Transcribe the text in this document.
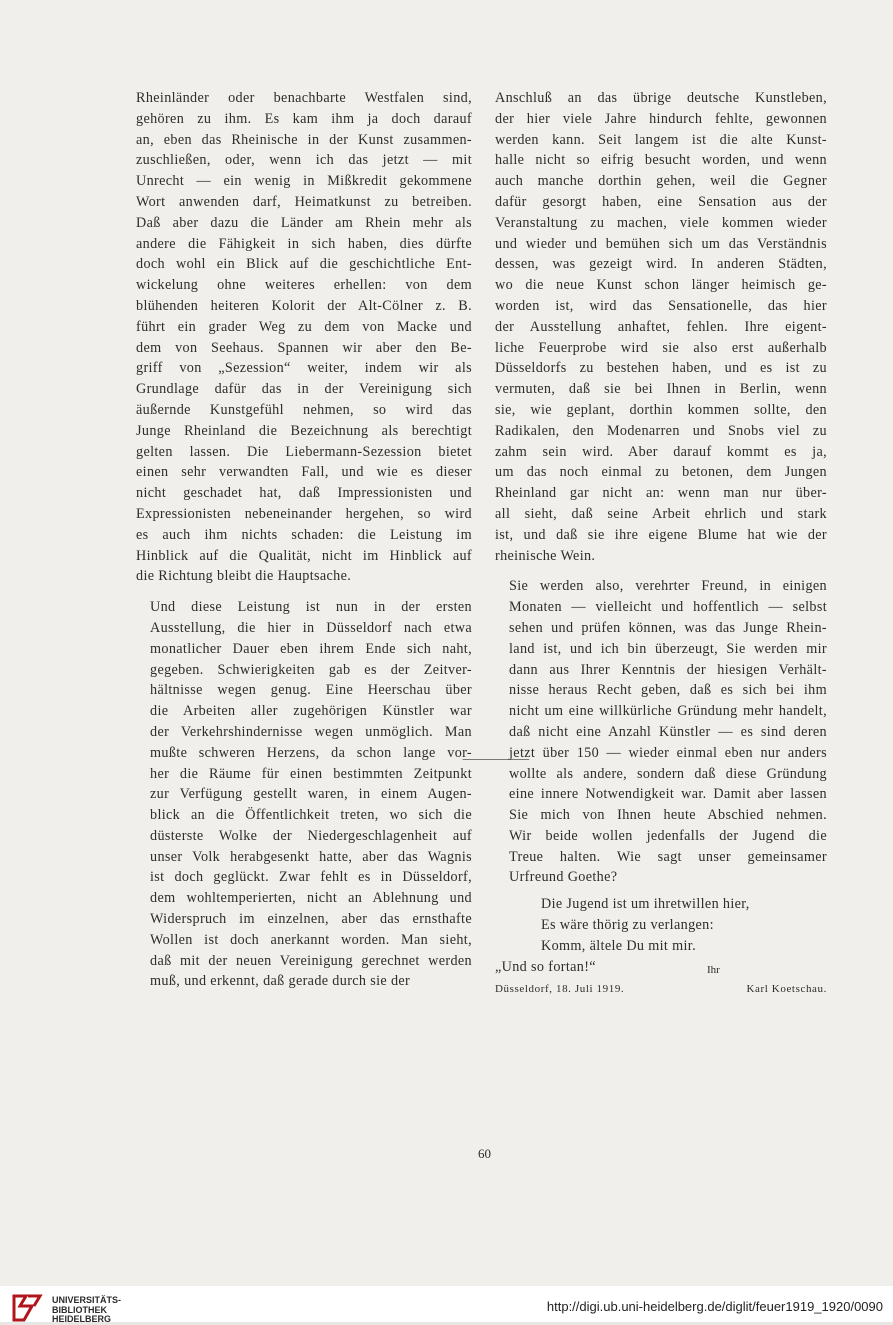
Rheinländer oder benachbarte Westfalen sind,
gehören zu ihm. Es kam ihm ja doch darauf
an, eben das Rheinische in der Kunst zusammen-
zuschließen, oder, wenn ich das jetzt — mit
Unrecht — ein wenig in Mißkredit gekommene
Wort anwenden darf, Heimatkunst zu betreiben.
Daß aber dazu die Länder am Rhein mehr als
andere die Fähigkeit in sich haben, dies dürfte
doch wohl ein Blick auf die geschichtliche Ent-
wickelung ohne weiteres erhellen: von dem
blühenden heiteren Kolorit der Alt-Cölner z. B.
führt ein grader Weg zu dem von Macke und
dem von Seehaus. Spannen wir aber den Be-
griff von „Sezession“ weiter, indem wir als
Grundlage dafür das in der Vereinigung sich
äußernde Kunstgefühl nehmen, so wird das
Junge Rheinland die Bezeichnung als berechtigt
gelten lassen. Die Liebermann-Sezession bietet
einen sehr verwandten Fall, und wie es dieser
nicht geschadet hat, daß Impressionisten und
Expressionisten nebeneinander hergehen, so wird
es auch ihm nichts schaden: die Leistung im
Hinblick auf die Qualität, nicht im Hinblick auf
die Richtung bleibt die Hauptsache.

Und diese Leistung ist nun in der ersten
Ausstellung, die hier in Düsseldorf nach etwa
monatlicher Dauer eben ihrem Ende sich naht,
gegeben. Schwierigkeiten gab es der Zeitver-
hältnisse wegen genug. Eine Heerschau über
die Arbeiten aller zugehörigen Künstler war
der Verkehrshindernisse wegen unmöglich. Man
mußte schweren Herzens, da schon lange vor-
her die Räume für einen bestimmten Zeitpunkt
zur Verfügung gestellt waren, in einem Augen-
blick an die Öffentlichkeit treten, wo sich die
düsterste Wolke der Niedergeschlagenheit auf
unser Volk herabgesenkt hatte, aber das Wagnis
ist doch geglückt. Zwar fehlt es in Düsseldorf,
dem wohltemperierten, nicht an Ablehnung und
Widerspruch im einzelnen, aber das ernsthafte
Wollen ist doch anerkannt worden. Man sieht,
daß mit der neuen Vereinigung gerechnet werden
muß, und erkennt, daß gerade durch sie der

Anschluß an das übrige deutsche Kunstleben,
der hier viele Jahre hindurch fehlte, gewonnen
werden kann. Seit langem ist die alte Kunst-
halle nicht so eifrig besucht worden, und wenn
auch manche dorthin gehen, weil die Gegner
dafür gesorgt haben, eine Sensation aus der
Veranstaltung zu machen, viele kommen wieder
und wieder und bemühen sich um das Verständnis
dessen, was gezeigt wird. In anderen Städten,
wo die neue Kunst schon länger heimisch ge-
worden ist, wird das Sensationelle, das hier
der Ausstellung anhaftet, fehlen. Ihre eigent-
liche Feuerprobe wird sie also erst außerhalb
Düsseldorfs zu bestehen haben, und es ist zu
vermuten, daß sie bei Ihnen in Berlin, wenn
sie, wie geplant, dorthin kommen sollte, den
Radikalen, den Modenarren und Snobs viel zu
zahm sein wird. Aber darauf kommt es ja,
um das noch einmal zu betonen, dem Jungen
Rheinland gar nicht an: wenn man nur über-
all sieht, daß seine Arbeit ehrlich und stark
ist, und daß sie ihre eigene Blume hat wie der
rheinische Wein.

Sie werden also, verehrter Freund, in einigen
Monaten — vielleicht und hoffentlich — selbst
sehen und prüfen können, was das Junge Rhein-
land ist, und ich bin überzeugt, Sie werden mir
dann aus Ihrer Kenntnis der hiesigen Verhält-
nisse heraus Recht geben, daß es sich bei ihm
nicht um eine willkürliche Gründung mehr handelt,
daß nicht eine Anzahl Künstler — es sind deren
jetzt über 150 — wieder einmal eben nur anders
wollte als andere, sondern daß diese Gründung
eine innere Notwendigkeit war. Damit aber lassen
Sie mich von Ihnen heute Abschied nehmen.
Wir beide wollen jedenfalls der Jugend die
Treue halten. Wie sagt unser gemeinsamer
Urfreund Goethe?

Die Jugend ist um ihretwillen hier,
Es wäre thörig zu verlangen:
Komm, ältele Du mit mir.
„Und so fortan!“
Düsseldorf, 18. Juli 1919.	Karl Koetschau.
Ihr
⸻⸻
60
UNIVERSITÄTS-
BIBLIOTHEK
HEIDELBERG
http://digi.ub.uni-heidelberg.de/diglit/feuer1919_1920/0090
